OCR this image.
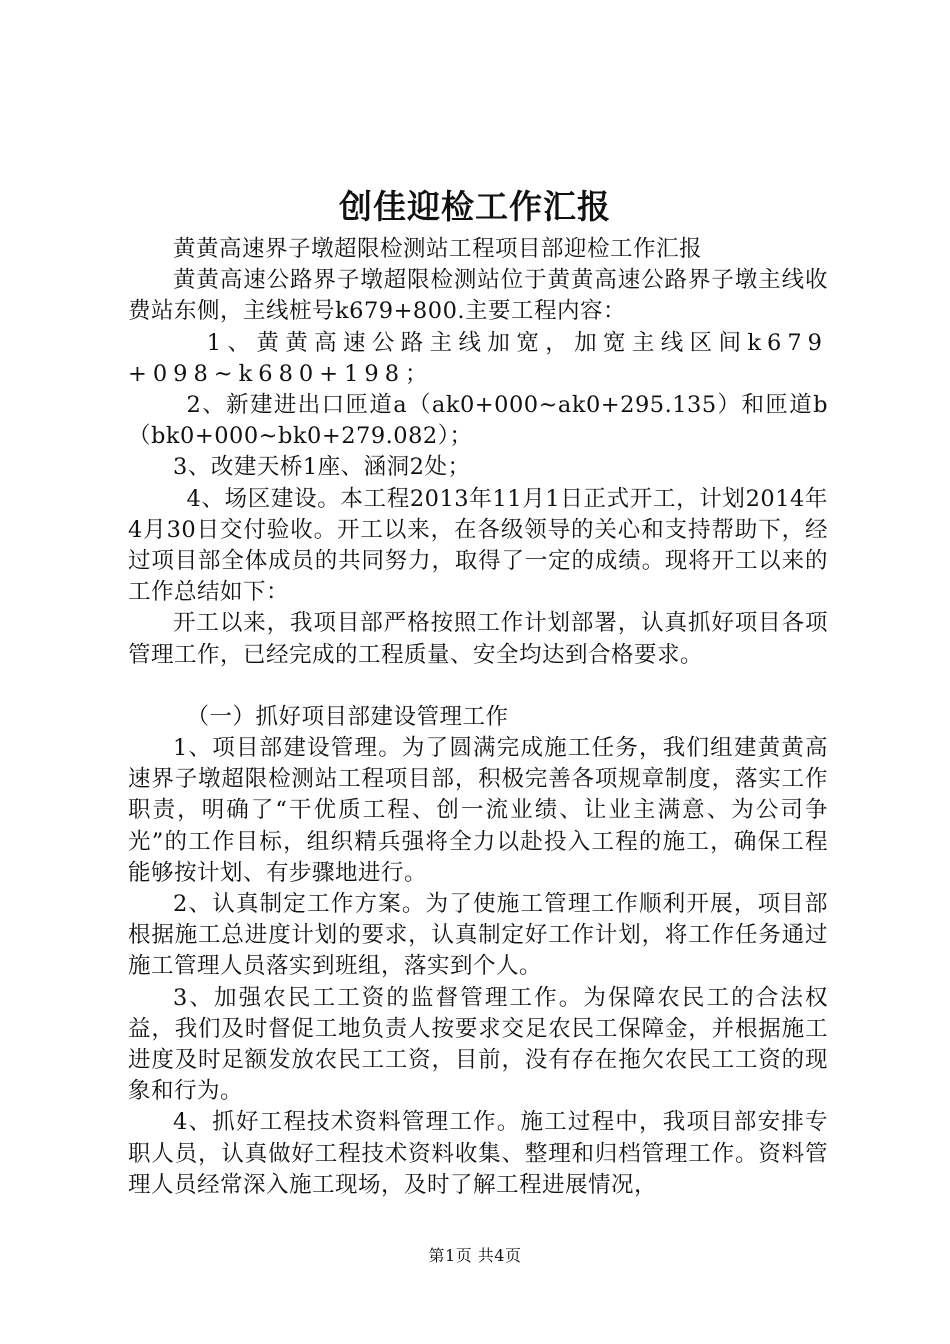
创佳迎检工作汇报

黄黄高速界子墩超限检测站工程项目部迎检工作汇报

黄黄高速公路界子墩超限检测站位于黄黄高速公路界子墩主线收费站东侧，主线桩号k679+800.主要工程内容：

1、黄黄高速公路主线加宽，加宽主线区间k679+098~k680+198；

2、新建进出口匝道a（ak0+000~ak0+295.135）和匝道b（bk0+000~bk0+279.082）；

3、改建天桥1座、涵洞2处；

4、场区建设。本工程2013年11月1日正式开工，计划2014年4月30日交付验收。开工以来，在各级领导的关心和支持帮助下，经过项目部全体成员的共同努力，取得了一定的成绩。现将开工以来的工作总结如下：

开工以来，我项目部严格按照工作计划部署，认真抓好项目各项管理工作，已经完成的工程质量、安全均达到合格要求。

（一）抓好项目部建设管理工作

1、项目部建设管理。为了圆满完成施工任务，我们组建黄黄高速界子墩超限检测站工程项目部，积极完善各项规章制度，落实工作职责，明确了“干优质工程、创一流业绩、让业主满意、为公司争光”的工作目标，组织精兵强将全力以赴投入工程的施工，确保工程能够按计划、有步骤地进行。

2、认真制定工作方案。为了使施工管理工作顺利开展，项目部根据施工总进度计划的要求，认真制定好工作计划，将工作任务通过施工管理人员落实到班组，落实到个人。

3、加强农民工工资的监督管理工作。为保障农民工的合法权益，我们及时督促工地负责人按要求交足农民工保障金，并根据施工进度及时足额发放农民工工资，目前，没有存在拖欠农民工工资的现象和行为。

4、抓好工程技术资料管理工作。施工过程中，我项目部安排专职人员，认真做好工程技术资料收集、整理和归档管理工作。资料管理人员经常深入施工现场，及时了解工程进展情况，

第1页 共4页
